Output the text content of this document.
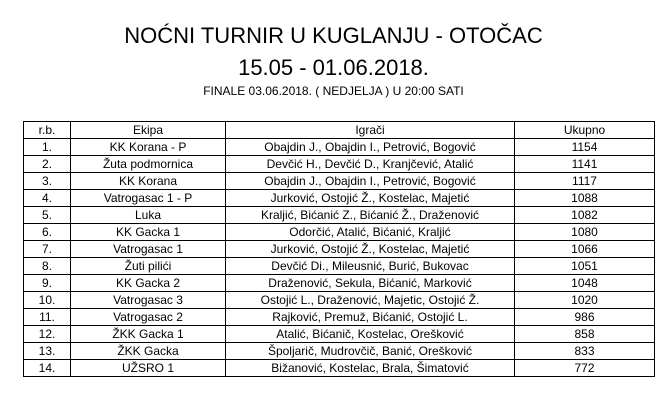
NOĆNI TURNIR U KUGLANJU - OTOČAC
15.05 - 01.06.2018.
FINALE 03.06.2018. ( NEDJELJA ) U 20:00 SATI
r.b.	Ekipa	Igrači	Ukupno
1.	KK Korana - P	Obajdin J., Obajdin I., Petrović, Bogović	1154
2.	Žuta podmornica	Devčić H., Devčić D., Kranjčević, Atalić	1141
3.	KK Korana	Obajdin J., Obajdin I., Petrović, Bogović	1117
4.	Vatrogasac 1 - P	Jurković, Ostojić Ž., Kostelac, Majetić	1088
5.	Luka	Kraljić, Bićanić Z., Bićanić Ž., Draženović	1082
6.	KK Gacka 1	Odorčić, Atalić, Bićanić, Kraljić	1080
7.	Vatrogasac 1	Jurković, Ostojić Ž., Kostelac, Majetić	1066
8.	Žuti pilići	Devčić Di., Mileusnić, Burić, Bukovac	1051
9.	KK Gacka 2	Draženović, Sekula, Bićanić, Marković	1048
10.	Vatrogasac 3	Ostojić L., Draženović, Majetic, Ostojić Ž.	1020
11.	Vatrogasac 2	Rajković, Premuž, Bićanić, Ostojić L.	986
12.	ŽKK Gacka 1	Atalić, Bićanič, Kostelac, Orešković	858
13.	ŽKK Gacka	Špoljarič, Mudrovčič, Banić, Orešković	833
14.	UŽSRO 1	Bižanović, Kostelac, Brala, Šimatović	772
